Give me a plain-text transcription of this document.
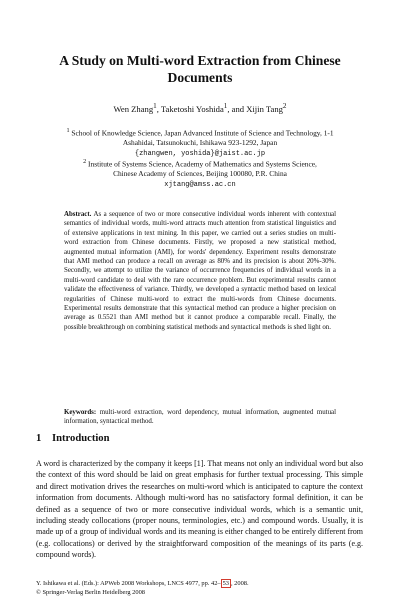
A Study on Multi-word Extraction from Chinese
Documents
Wen Zhang$^1$, Taketoshi Yoshida$^1$, and Xijin Tang$^2$
$^1$ School of Knowledge Science, Japan Advanced Institute of Science and Technology, 1-1
Ashahidai, Tatsunokuchi, Ishikawa 923-1292, Japan
{zhangwen, yoshida}@jaist.ac.jp
$^2$ Institute of Systems Science, Academy of Mathematics and Systems Science,
Chinese Academy of Sciences, Beijing 100080, P.R. China
xjtang@amss.ac.cn
Abstract. As a sequence of two or more consecutive individual words inherent with contextual semantics of individual words, multi-word attracts much attention from statistical linguistics and of extensive applications in text mining. In this paper, we carried out a series studies on multi-word extraction from Chinese documents. Firstly, we proposed a new statistical method, augmented mutual information (AMI), for words' dependency. Experiment results demonstrate that AMI method can produce a recall on average as 80% and its precision is about 20%-30%. Secondly, we attempt to utilize the variance of occurrence frequencies of individual words in a multi-word candidate to deal with the rare occurrence problem. But experimental results cannot validate the effectiveness of variance. Thirdly, we developed a syntactic method based on lexical regularities of Chinese multi-word to extract the multi-words from Chinese documents. Experimental results demonstrate that this syntactical method can produce a higher precision on average as 0.5521 than AMI method but it cannot produce a comparable recall. Finally, the possible breakthrough on combining statistical methods and syntactical methods is shed light on.
Keywords: multi-word extraction, word dependency, mutual information, augmented mutual information, syntactical method.
1 Introduction
A word is characterized by the company it keeps [1]. That means not only an individual word but also the context of this word should be laid on great emphasis for further textual processing. This simple and direct motivation drives the researches on multi-word which is anticipated to capture the context information from documents. Although multi-word has no satisfactory formal definition, it can be defined as a sequence of two or more consecutive individual words, which is a semantic unit, including steady collocations (proper nouns, terminologies, etc.) and compound words. Usually, it is made up of a group of individual words and its meaning is either changed to be entirely different from (e.g. collocations) or derived by the straightforward composition of the meanings of its parts (e.g. compound words).
Y. Ishikawa et al. (Eds.): APWeb 2008 Workshops, LNCS 4977, pp. 42– 53 , 2008.
© Springer-Verlag Berlin Heidelberg 2008
